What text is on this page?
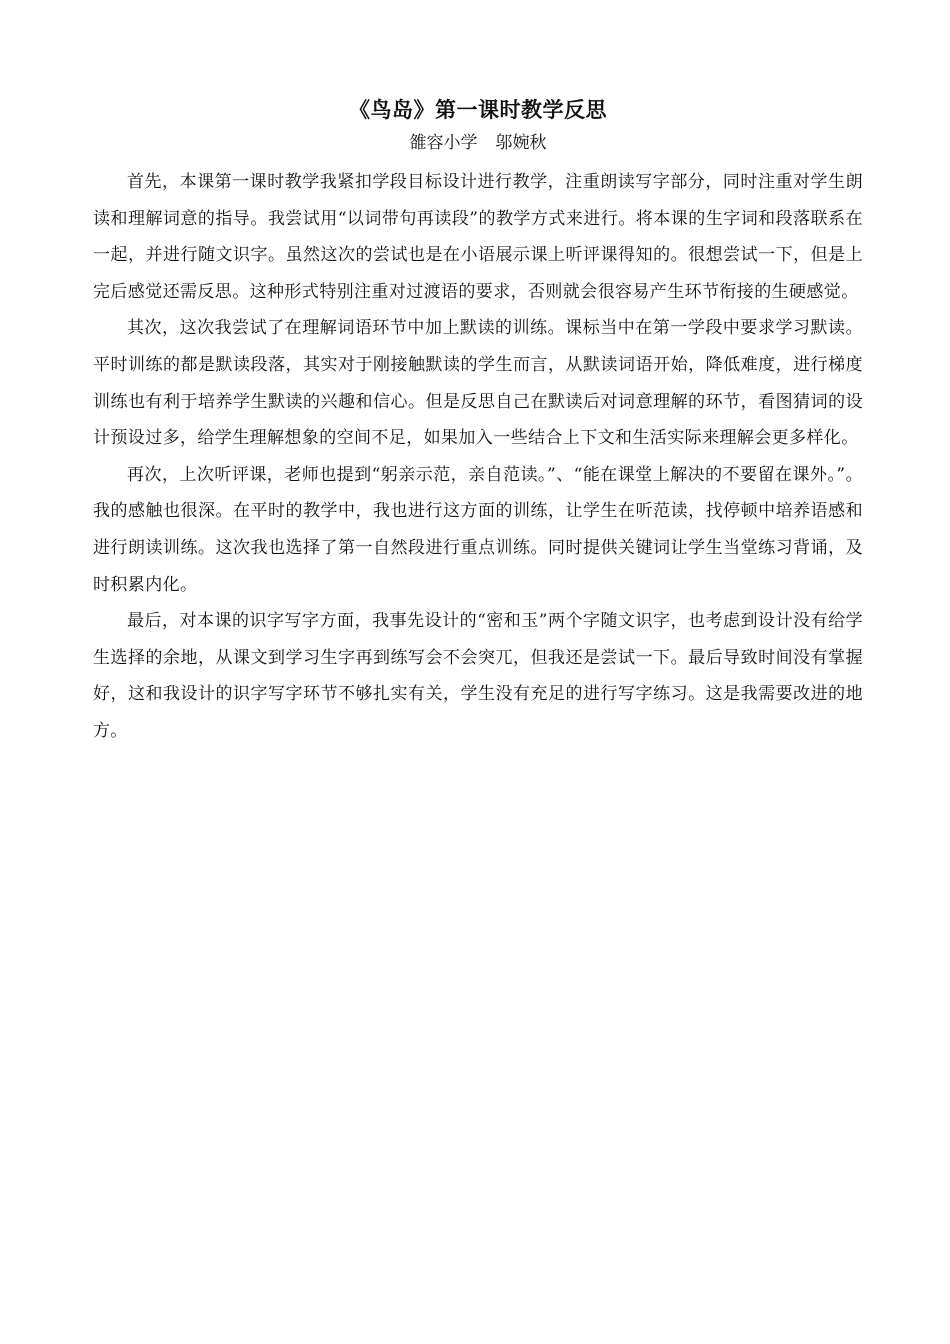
《鸟岛》第一课时教学反思
雒容小学 邬婉秋

首先，本课第一课时教学我紧扣学段目标设计进行教学，注重朗读写字部分，同时注重对学生朗读和理解词意的指导。我尝试用“以词带句再读段”的教学方式来进行。将本课的生字词和段落联系在一起，并进行随文识字。虽然这次的尝试也是在小语展示课上听评课得知的。很想尝试一下，但是上完后感觉还需反思。这种形式特别注重对过渡语的要求，否则就会很容易产生环节衔接的生硬感觉。

其次，这次我尝试了在理解词语环节中加上默读的训练。课标当中在第一学段中要求学习默读。平时训练的都是默读段落，其实对于刚接触默读的学生而言，从默读词语开始，降低难度，进行梯度训练也有利于培养学生默读的兴趣和信心。但是反思自己在默读后对词意理解的环节，看图猜词的设计预设过多，给学生理解想象的空间不足，如果加入一些结合上下文和生活实际来理解会更多样化。

再次，上次听评课，老师也提到“躬亲示范，亲自范读。”、“能在课堂上解决的不要留在课外。”。我的感触也很深。在平时的教学中，我也进行这方面的训练，让学生在听范读，找停顿中培养语感和进行朗读训练。这次我也选择了第一自然段进行重点训练。同时提供关键词让学生当堂练习背诵，及时积累内化。

最后，对本课的识字写字方面，我事先设计的“密和玉”两个字随文识字，也考虑到设计没有给学生选择的余地，从课文到学习生字再到练写会不会突兀，但我还是尝试一下。最后导致时间没有掌握好，这和我设计的识字写字环节不够扎实有关，学生没有充足的进行写字练习。这是我需要改进的地方。
